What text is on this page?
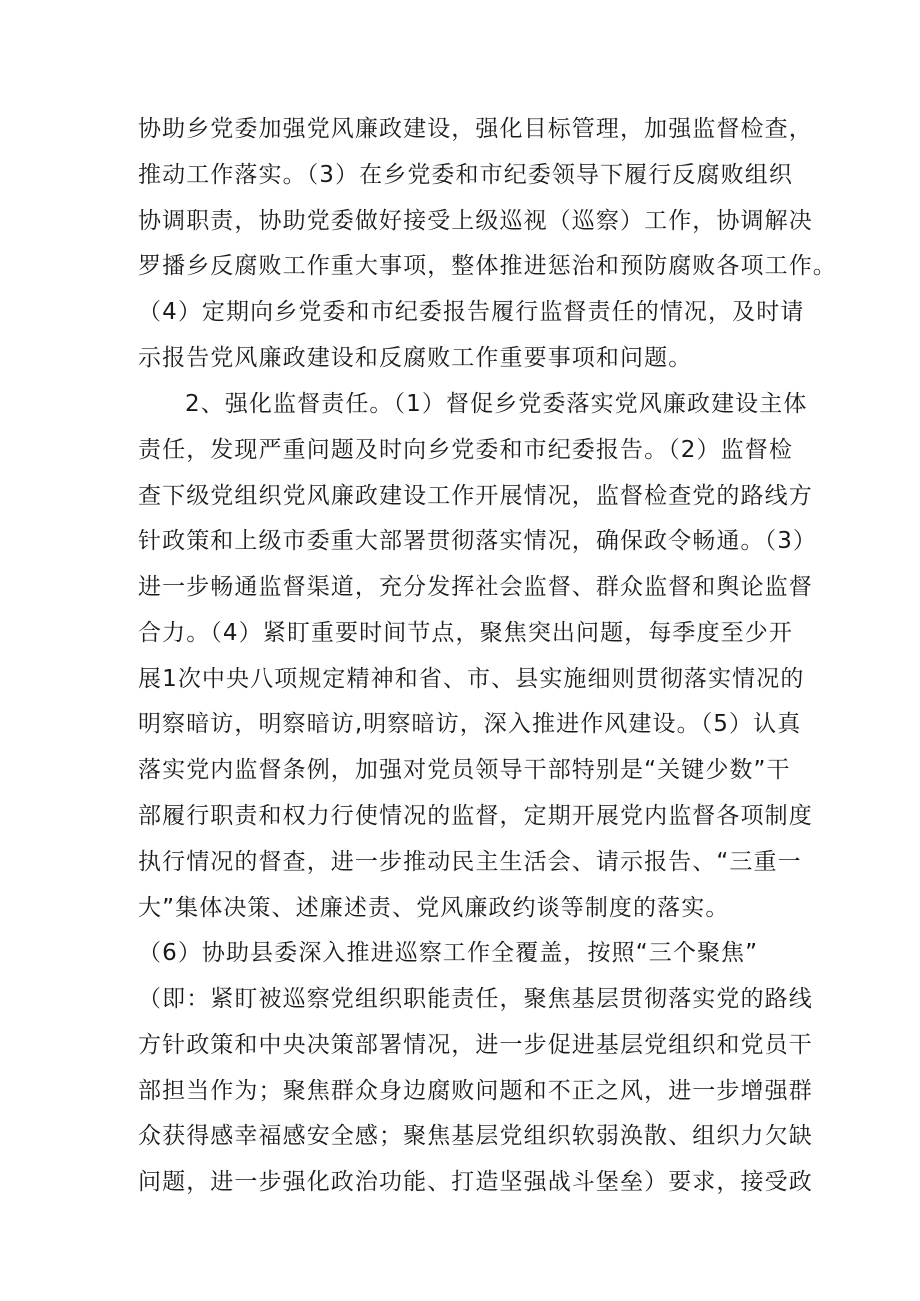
协助乡党委加强党风廉政建设，强化目标管理，加强监督检查，
推动工作落实。（3）在乡党委和市纪委领导下履行反腐败组织
协调职责，协助党委做好接受上级巡视（巡察）工作，协调解决
罗播乡反腐败工作重大事项，整体推进惩治和预防腐败各项工作。
（4）定期向乡党委和市纪委报告履行监督责任的情况，及时请
示报告党风廉政建设和反腐败工作重要事项和问题。
2、强化监督责任。（1）督促乡党委落实党风廉政建设主体
责任，发现严重问题及时向乡党委和市纪委报告。（2）监督检
查下级党组织党风廉政建设工作开展情况，监督检查党的路线方
针政策和上级市委重大部署贯彻落实情况，确保政令畅通。（3）
进一步畅通监督渠道，充分发挥社会监督、群众监督和舆论监督
合力。（4）紧盯重要时间节点，聚焦突出问题，每季度至少开
展1次中央八项规定精神和省、市、县实施细则贯彻落实情况的
明察暗访，明察暗访,明察暗访，深入推进作风建设。（5）认真
落实党内监督条例，加强对党员领导干部特别是“关键少数”干
部履行职责和权力行使情况的监督，定期开展党内监督各项制度
执行情况的督查，进一步推动民主生活会、请示报告、“三重一
大”集体决策、述廉述责、党风廉政约谈等制度的落实。
（6）协助县委深入推进巡察工作全覆盖，按照“三个聚焦”
（即：紧盯被巡察党组织职能责任，聚焦基层贯彻落实党的路线
方针政策和中央决策部署情况，进一步促进基层党组织和党员干
部担当作为；聚焦群众身边腐败问题和不正之风，进一步增强群
众获得感幸福感安全感；聚焦基层党组织软弱涣散、组织力欠缺
问题，进一步强化政治功能、打造坚强战斗堡垒）要求，接受政
